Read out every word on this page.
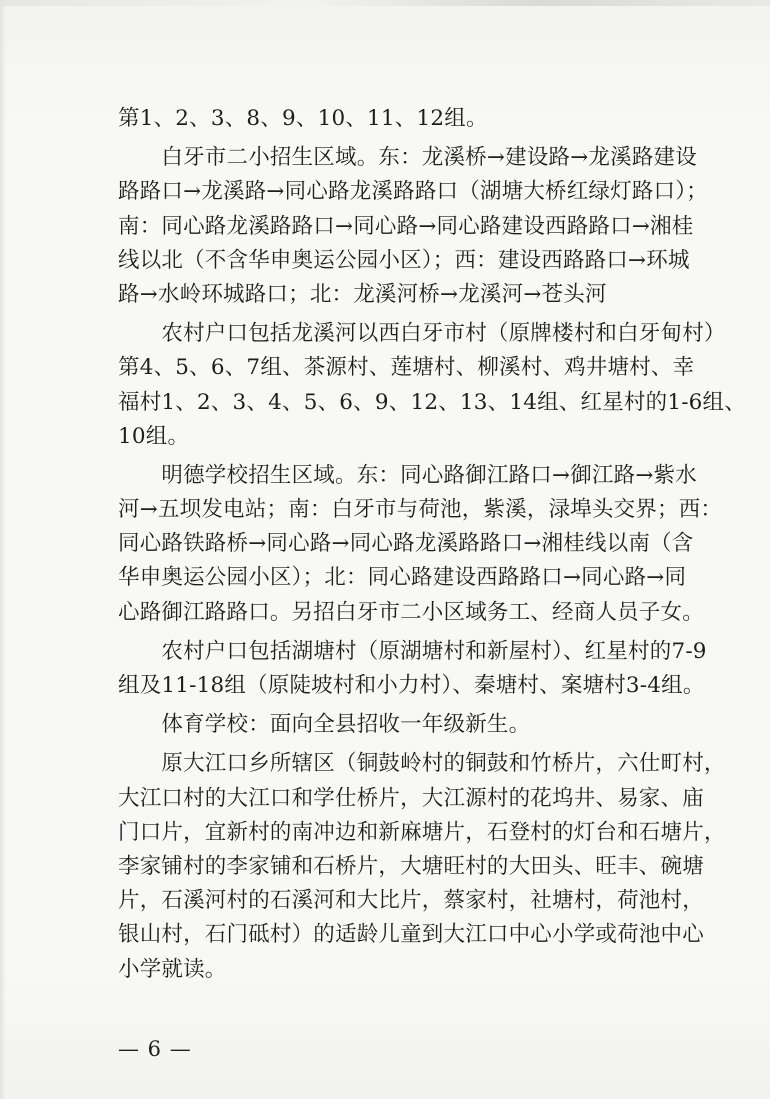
第1、2、3、8、9、10、11、12组。
　　白牙市二小招生区域。东：龙溪桥→建设路→龙溪路建设
路路口→龙溪路→同心路龙溪路路口（湖塘大桥红绿灯路口）；
南：同心路龙溪路路口→同心路→同心路建设西路路口→湘桂
线以北（不含华申奥运公园小区）；西：建设西路路口→环城
路→水岭环城路口；北：龙溪河桥→龙溪河→苍头河
　　农村户口包括龙溪河以西白牙市村（原牌楼村和白牙甸村）
第4、5、6、7组、茶源村、莲塘村、柳溪村、鸡井塘村、幸
福村1、2、3、4、5、6、9、12、13、14组、红星村的1-6组、
10组。
　　明德学校招生区域。东：同心路御江路口→御江路→紫水
河→五坝发电站；南：白牙市与荷池，紫溪，渌埠头交界；西：
同心路铁路桥→同心路→同心路龙溪路路口→湘桂线以南（含
华申奥运公园小区）；北：同心路建设西路路口→同心路→同
心路御江路路口。另招白牙市二小区域务工、经商人员子女。
　　农村户口包括湖塘村（原湖塘村和新屋村）、红星村的7-9
组及11-18组（原陡坡村和小力村）、秦塘村、案塘村3-4组。
　　体育学校：面向全县招收一年级新生。
　　原大江口乡所辖区（铜鼓岭村的铜鼓和竹桥片，六仕町村，
大江口村的大江口和学仕桥片，大江源村的花坞井、易家、庙
门口片，宜新村的南冲边和新麻塘片，石登村的灯台和石塘片，
李家铺村的李家铺和石桥片，大塘旺村的大田头、旺丰、碗塘
片，石溪河村的石溪河和大比片，蔡家村，社塘村，荷池村，
银山村，石门砥村）的适龄儿童到大江口中心小学或荷池中心
小学就读。
— 6 —
